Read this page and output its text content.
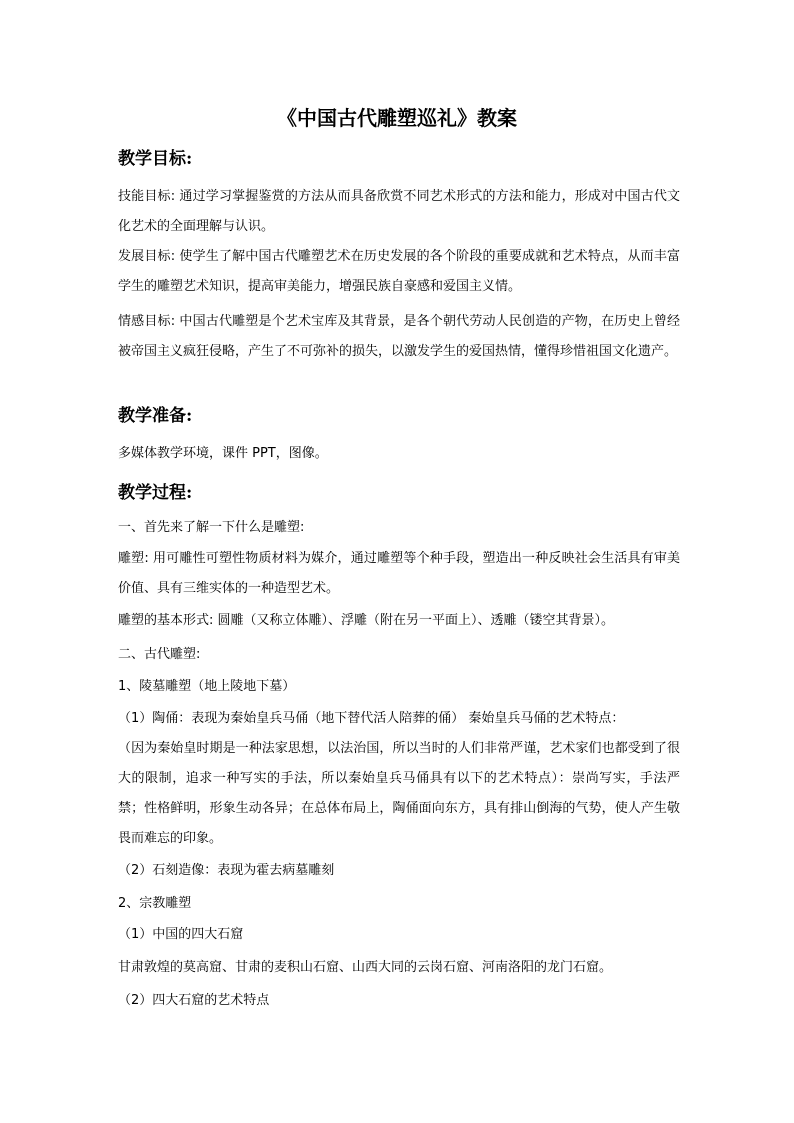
《中国古代雕塑巡礼》教案
教学目标:

技能目标: 通过学习掌握鉴赏的方法从而具备欣赏不同艺术形式的方法和能力，形成对中国古代文化艺术的全面理解与认识。

发展目标: 使学生了解中国古代雕塑艺术在历史发展的各个阶段的重要成就和艺术特点，从而丰富学生的雕塑艺术知识，提高审美能力，增强民族自豪感和爱国主义情。

情感目标: 中国古代雕塑是个艺术宝库及其背景，是各个朝代劳动人民创造的产物，在历史上曾经被帝国主义疯狂侵略，产生了不可弥补的损失，以激发学生的爱国热情，懂得珍惜祖国文化遗产。

教学准备:
多媒体教学环境，课件 PPT，图像。
教学过程:
一、首先来了解一下什么是雕塑:

雕塑: 用可雕性可塑性物质材料为媒介，通过雕塑等个种手段，塑造出一种反映社会生活具有审美价值、具有三维实体的一种造型艺术。

雕塑的基本形式: 圆雕（又称立体雕）、浮雕（附在另一平面上）、透雕（镂空其背景）。
二、古代雕塑:
1、陵墓雕塑（地上陵地下墓）
（1）陶俑：表现为秦始皇兵马俑（地下替代活人陪葬的俑） 秦始皇兵马俑的艺术特点：

（因为秦始皇时期是一种法家思想，以法治国，所以当时的人们非常严谨，艺术家们也都受到了很大的限制，追求一种写实的手法，所以秦始皇兵马俑具有以下的艺术特点）：崇尚写实，手法严禁；性格鲜明，形象生动各异；在总体布局上，陶俑面向东方，具有排山倒海的气势，使人产生敬畏而难忘的印象。

（2）石刻造像：表现为霍去病墓雕刻
2、宗教雕塑
（1）中国的四大石窟
甘肃敦煌的莫高窟、甘肃的麦积山石窟、山西大同的云岗石窟、河南洛阳的龙门石窟。
（2）四大石窟的艺术特点
